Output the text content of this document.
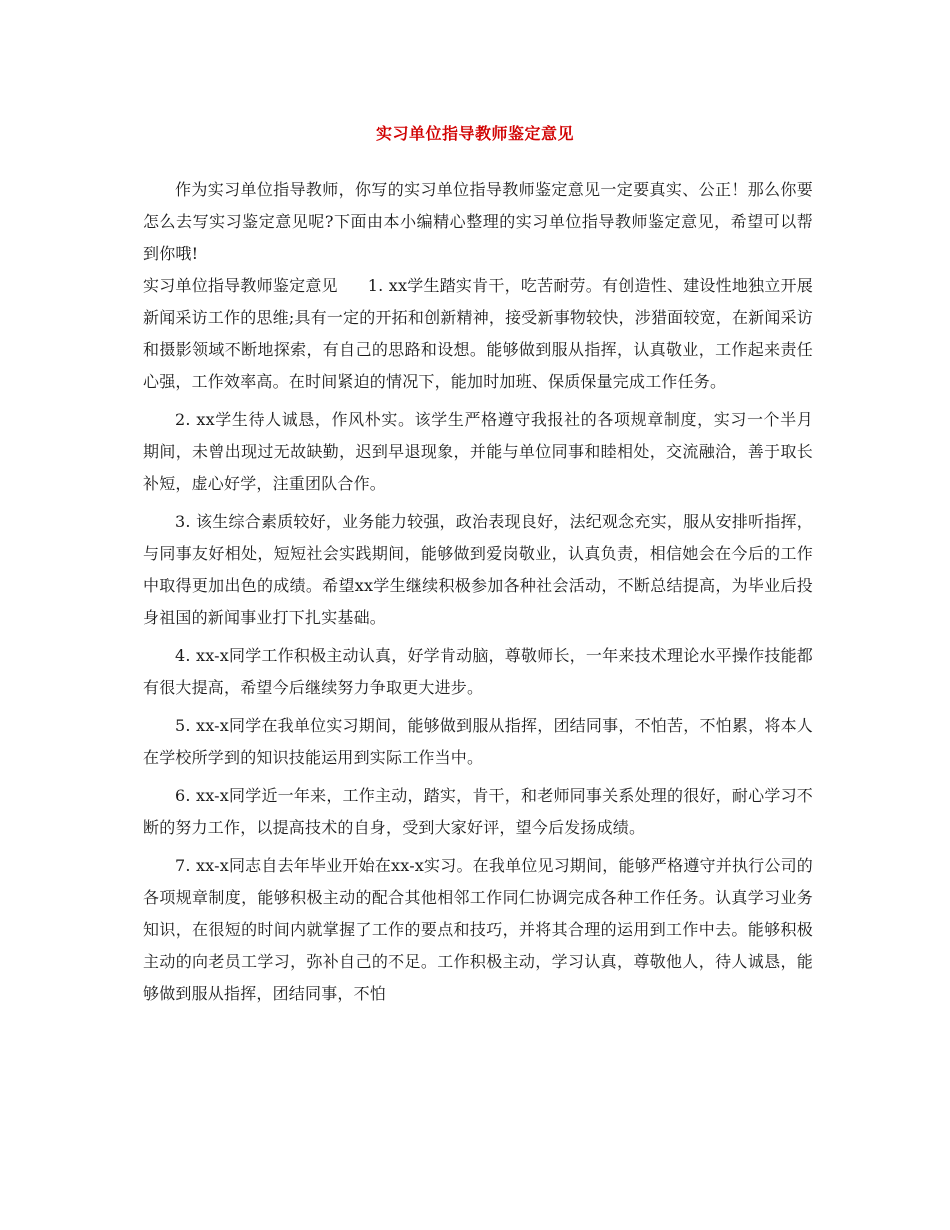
实习单位指导教师鉴定意见

作为实习单位指导教师，你写的实习单位指导教师鉴定意见一定要真实、公正！那么你要怎么去写实习鉴定意见呢?下面由本小编精心整理的实习单位指导教师鉴定意见，希望可以帮到你哦!

实习单位指导教师鉴定意见 1. xx学生踏实肯干，吃苦耐劳。有创造性、建设性地独立开展新闻采访工作的思维;具有一定的开拓和创新精神，接受新事物较快，涉猎面较宽，在新闻采访和摄影领域不断地探索，有自己的思路和设想。能够做到服从指挥，认真敬业，工作起来责任心强，工作效率高。在时间紧迫的情况下，能加时加班、保质保量完成工作任务。

2. xx学生待人诚恳，作风朴实。该学生严格遵守我报社的各项规章制度，实习一个半月期间，未曾出现过无故缺勤，迟到早退现象，并能与单位同事和睦相处，交流融洽，善于取长补短，虚心好学，注重团队合作。

3. 该生综合素质较好，业务能力较强，政治表现良好，法纪观念充实，服从安排听指挥，与同事友好相处，短短社会实践期间，能够做到爱岗敬业，认真负责，相信她会在今后的工作中取得更加出色的成绩。希望xx学生继续积极参加各种社会活动，不断总结提高，为毕业后投身祖国的新闻事业打下扎实基础。

4. xx-x同学工作积极主动认真，好学肯动脑，尊敬师长，一年来技术理论水平操作技能都有很大提高，希望今后继续努力争取更大进步。

5. xx-x同学在我单位实习期间，能够做到服从指挥，团结同事，不怕苦，不怕累，将本人在学校所学到的知识技能运用到实际工作当中。

6. xx-x同学近一年来，工作主动，踏实，肯干，和老师同事关系处理的很好，耐心学习不断的努力工作，以提高技术的自身，受到大家好评，望今后发扬成绩。

7. xx-x同志自去年毕业开始在xx-x实习。在我单位见习期间，能够严格遵守并执行公司的各项规章制度，能够积极主动的配合其他相邻工作同仁协调完成各种工作任务。认真学习业务知识，在很短的时间内就掌握了工作的要点和技巧，并将其合理的运用到工作中去。能够积极主动的向老员工学习，弥补自己的不足。工作积极主动，学习认真，尊敬他人，待人诚恳，能够做到服从指挥，团结同事，不怕
